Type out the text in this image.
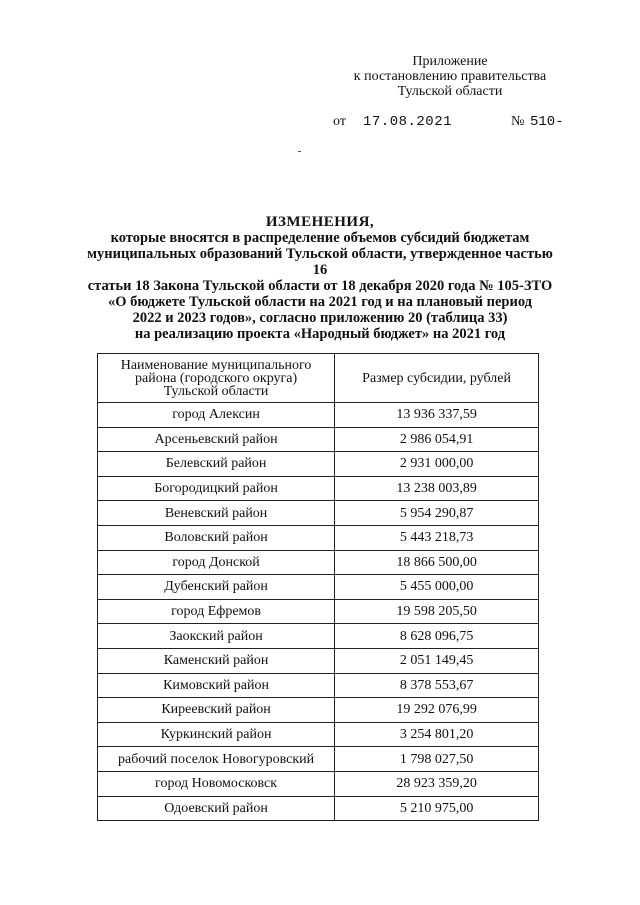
Приложение
к постановлению правительства
Тульской области
от 17.08.2021	№ 510-
ИЗМЕНЕНИЯ,
которые вносятся в распределение объемов субсидий бюджетам
муниципальных образований Тульской области, утвержденное частью 16
статьи 18 Закона Тульской области от 18 декабря 2020 года № 105-ЗТО
«О бюджете Тульской области на 2021 год и на плановый период
2022 и 2023 годов», согласно приложению 20 (таблица 33)
на реализацию проекта «Народный бюджет» на 2021 год
Наименование муниципального
района (городского округа)
Тульской области	Размер субсидии, рублей
город Алексин	13 936 337,59
Арсеньевский район	2 986 054,91
Белевский район	2 931 000,00
Богородицкий район	13 238 003,89
Веневский район	5 954 290,87
Воловский район	5 443 218,73
город Донской	18 866 500,00
Дубенский район	5 455 000,00
город Ефремов	19 598 205,50
Заокский район	8 628 096,75
Каменский район	2 051 149,45
Кимовский район	8 378 553,67
Киреевский район	19 292 076,99
Куркинский район	3 254 801,20
рабочий поселок Новогуровский	1 798 027,50
город Новомосковск	28 923 359,20
Одоевский район	5 210 975,00
